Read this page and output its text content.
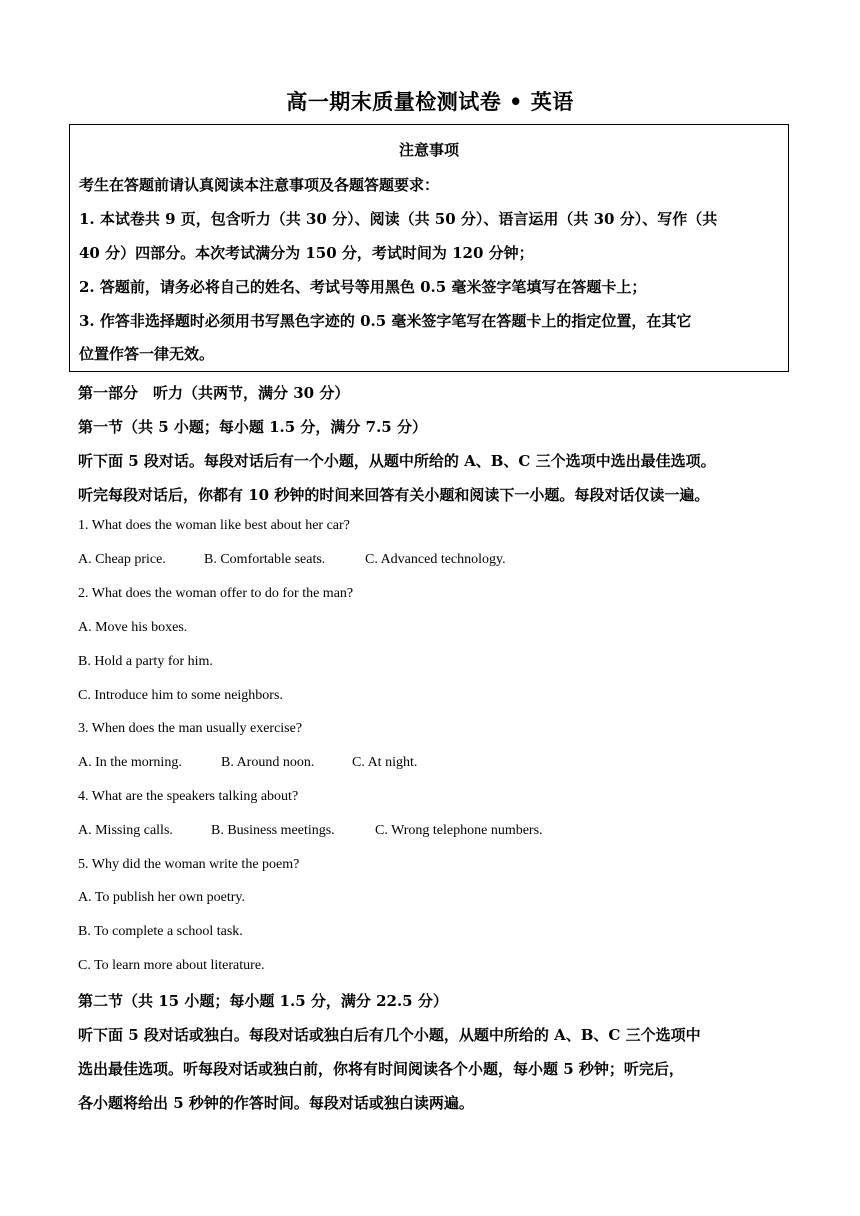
高一期末质量检测试卷 • 英语
注意事项
考生在答题前请认真阅读本注意事项及各题答题要求：
1. 本试卷共 9 页，包含听力（共 30 分）、阅读（共 50 分）、语言运用（共 30 分）、写作（共
40 分）四部分。本次考试满分为 150 分，考试时间为 120 分钟；
2. 答题前，请务必将自己的姓名、考试号等用黑色 0.5 毫米签字笔填写在答题卡上；
3. 作答非选择题时必须用书写黑色字迹的 0.5 毫米签字笔写在答题卡上的指定位置，在其它
位置作答一律无效。
第一部分　听力（共两节，满分 30 分）
第一节（共 5 小题；每小题 1.5 分，满分 7.5 分）
听下面 5 段对话。每段对话后有一个小题，从题中所给的 A、B、C 三个选项中选出最佳选项。
听完每段对话后，你都有 10 秒钟的时间来回答有关小题和阅读下一小题。每段对话仅读一遍。
1. What does the woman like best about her car?
A. Cheap price.	B. Comfortable seats.	C. Advanced technology.
2. What does the woman offer to do for the man?
A. Move his boxes.
B. Hold a party for him.
C. Introduce him to some neighbors.
3. When does the man usually exercise?
A. In the morning.	B. Around noon.	C. At night.
4. What are the speakers talking about?
A. Missing calls.	B. Business meetings.	C. Wrong telephone numbers.
5. Why did the woman write the poem?
A. To publish her own poetry.
B. To complete a school task.
C. To learn more about literature.
第二节（共 15 小题；每小题 1.5 分，满分 22.5 分）
听下面 5 段对话或独白。每段对话或独白后有几个小题，从题中所给的 A、B、C 三个选项中
选出最佳选项。听每段对话或独白前，你将有时间阅读各个小题，每小题 5 秒钟；听完后，
各小题将给出 5 秒钟的作答时间。每段对话或独白读两遍。
